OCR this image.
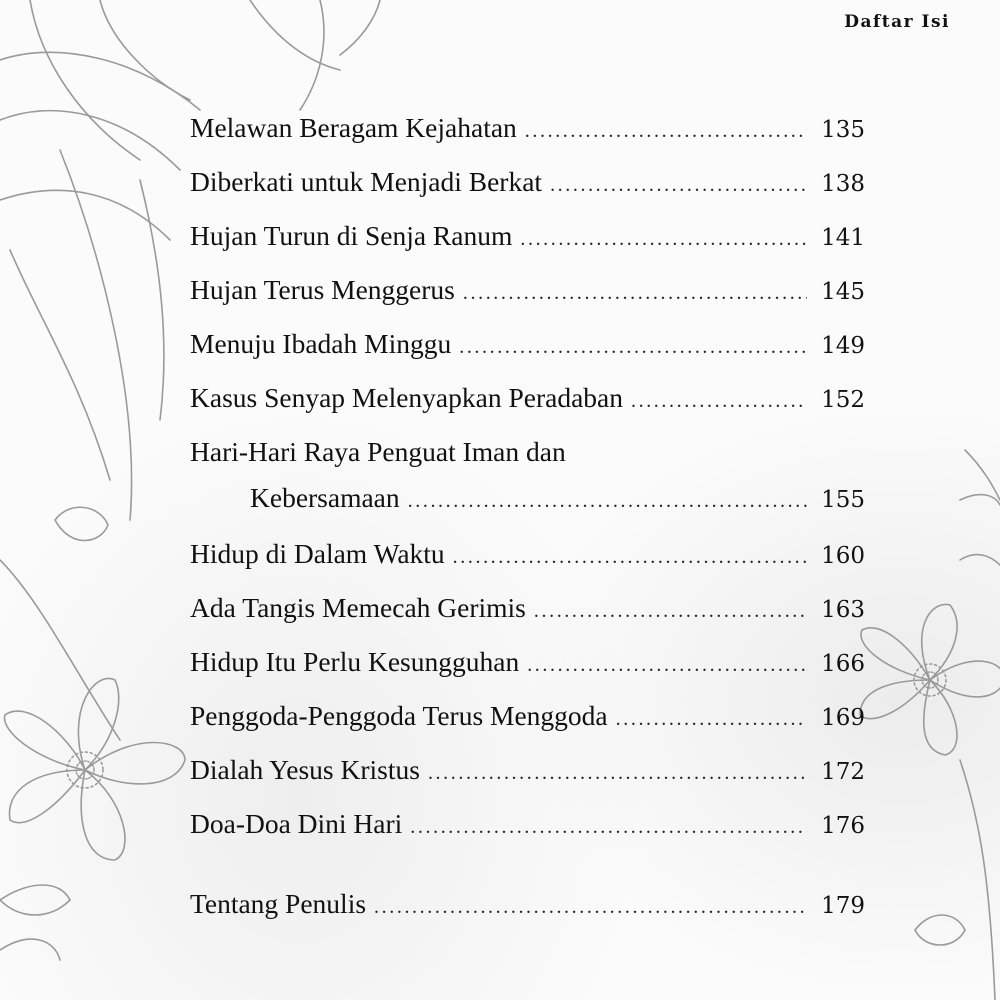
Daftar Isi
Melawan Beragam Kejahatan . . .	135
Diberkati untuk Menjadi Berkat . . .	138
Hujan Turun di Senja Ranum . . .	141
Hujan Terus Menggerus . . .	145
Menuju Ibadah Minggu . . .	149
Kasus Senyap Melenyapkan Peradaban . . .	152
Hari-Hari Raya Penguat Iman dan
Kebersamaan . . .	155
Hidup di Dalam Waktu . . .	160
Ada Tangis Memecah Gerimis . . .	163
Hidup Itu Perlu Kesungguhan . . .	166
Penggoda-Penggoda Terus Menggoda . . .	169
Dialah Yesus Kristus . . .	172
Doa-Doa Dini Hari . . .	176
Tentang Penulis . . .	179
